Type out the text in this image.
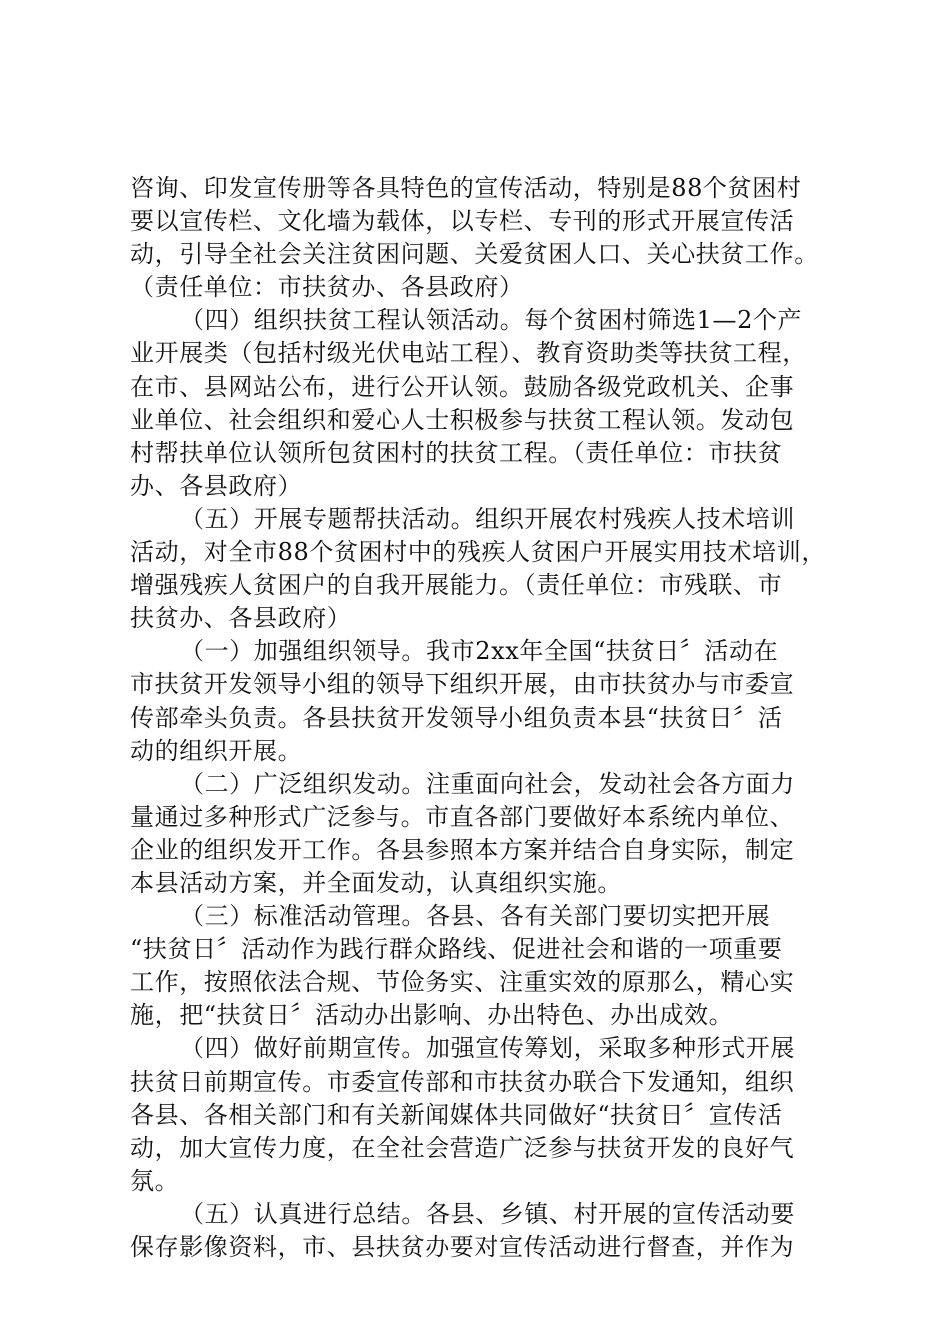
咨询、印发宣传册等各具特色的宣传活动，特别是88个贫困村
要以宣传栏、文化墙为载体，以专栏、专刊的形式开展宣传活
动，引导全社会关注贫困问题、关爱贫困人口、关心扶贫工作。
（责任单位：市扶贫办、各县政府）
（四）组织扶贫工程认领活动。每个贫困村筛选1—2个产
业开展类（包括村级光伏电站工程）、教育资助类等扶贫工程，
在市、县网站公布，进行公开认领。鼓励各级党政机关、企事
业单位、社会组织和爱心人士积极参与扶贫工程认领。发动包
村帮扶单位认领所包贫困村的扶贫工程。（责任单位：市扶贫
办、各县政府）
（五）开展专题帮扶活动。组织开展农村残疾人技术培训
活动，对全市88个贫困村中的残疾人贫困户开展实用技术培训，
增强残疾人贫困户的自我开展能力。（责任单位：市残联、市
扶贫办、各县政府）
（一）加强组织领导。我市2xx年全国“扶贫日〞活动在
市扶贫开发领导小组的领导下组织开展，由市扶贫办与市委宣
传部牵头负责。各县扶贫开发领导小组负责本县“扶贫日〞活
动的组织开展。
（二）广泛组织发动。注重面向社会，发动社会各方面力
量通过多种形式广泛参与。市直各部门要做好本系统内单位、
企业的组织发开工作。各县参照本方案并结合自身实际，制定
本县活动方案，并全面发动，认真组织实施。
（三）标准活动管理。各县、各有关部门要切实把开展
“扶贫日〞活动作为践行群众路线、促进社会和谐的一项重要
工作，按照依法合规、节俭务实、注重实效的原那么，精心实
施，把“扶贫日〞活动办出影响、办出特色、办出成效。
（四）做好前期宣传。加强宣传筹划，采取多种形式开展
扶贫日前期宣传。市委宣传部和市扶贫办联合下发通知，组织
各县、各相关部门和有关新闻媒体共同做好“扶贫日〞宣传活
动，加大宣传力度，在全社会营造广泛参与扶贫开发的良好气
氛。
（五）认真进行总结。各县、乡镇、村开展的宣传活动要
保存影像资料，市、县扶贫办要对宣传活动进行督查，并作为
